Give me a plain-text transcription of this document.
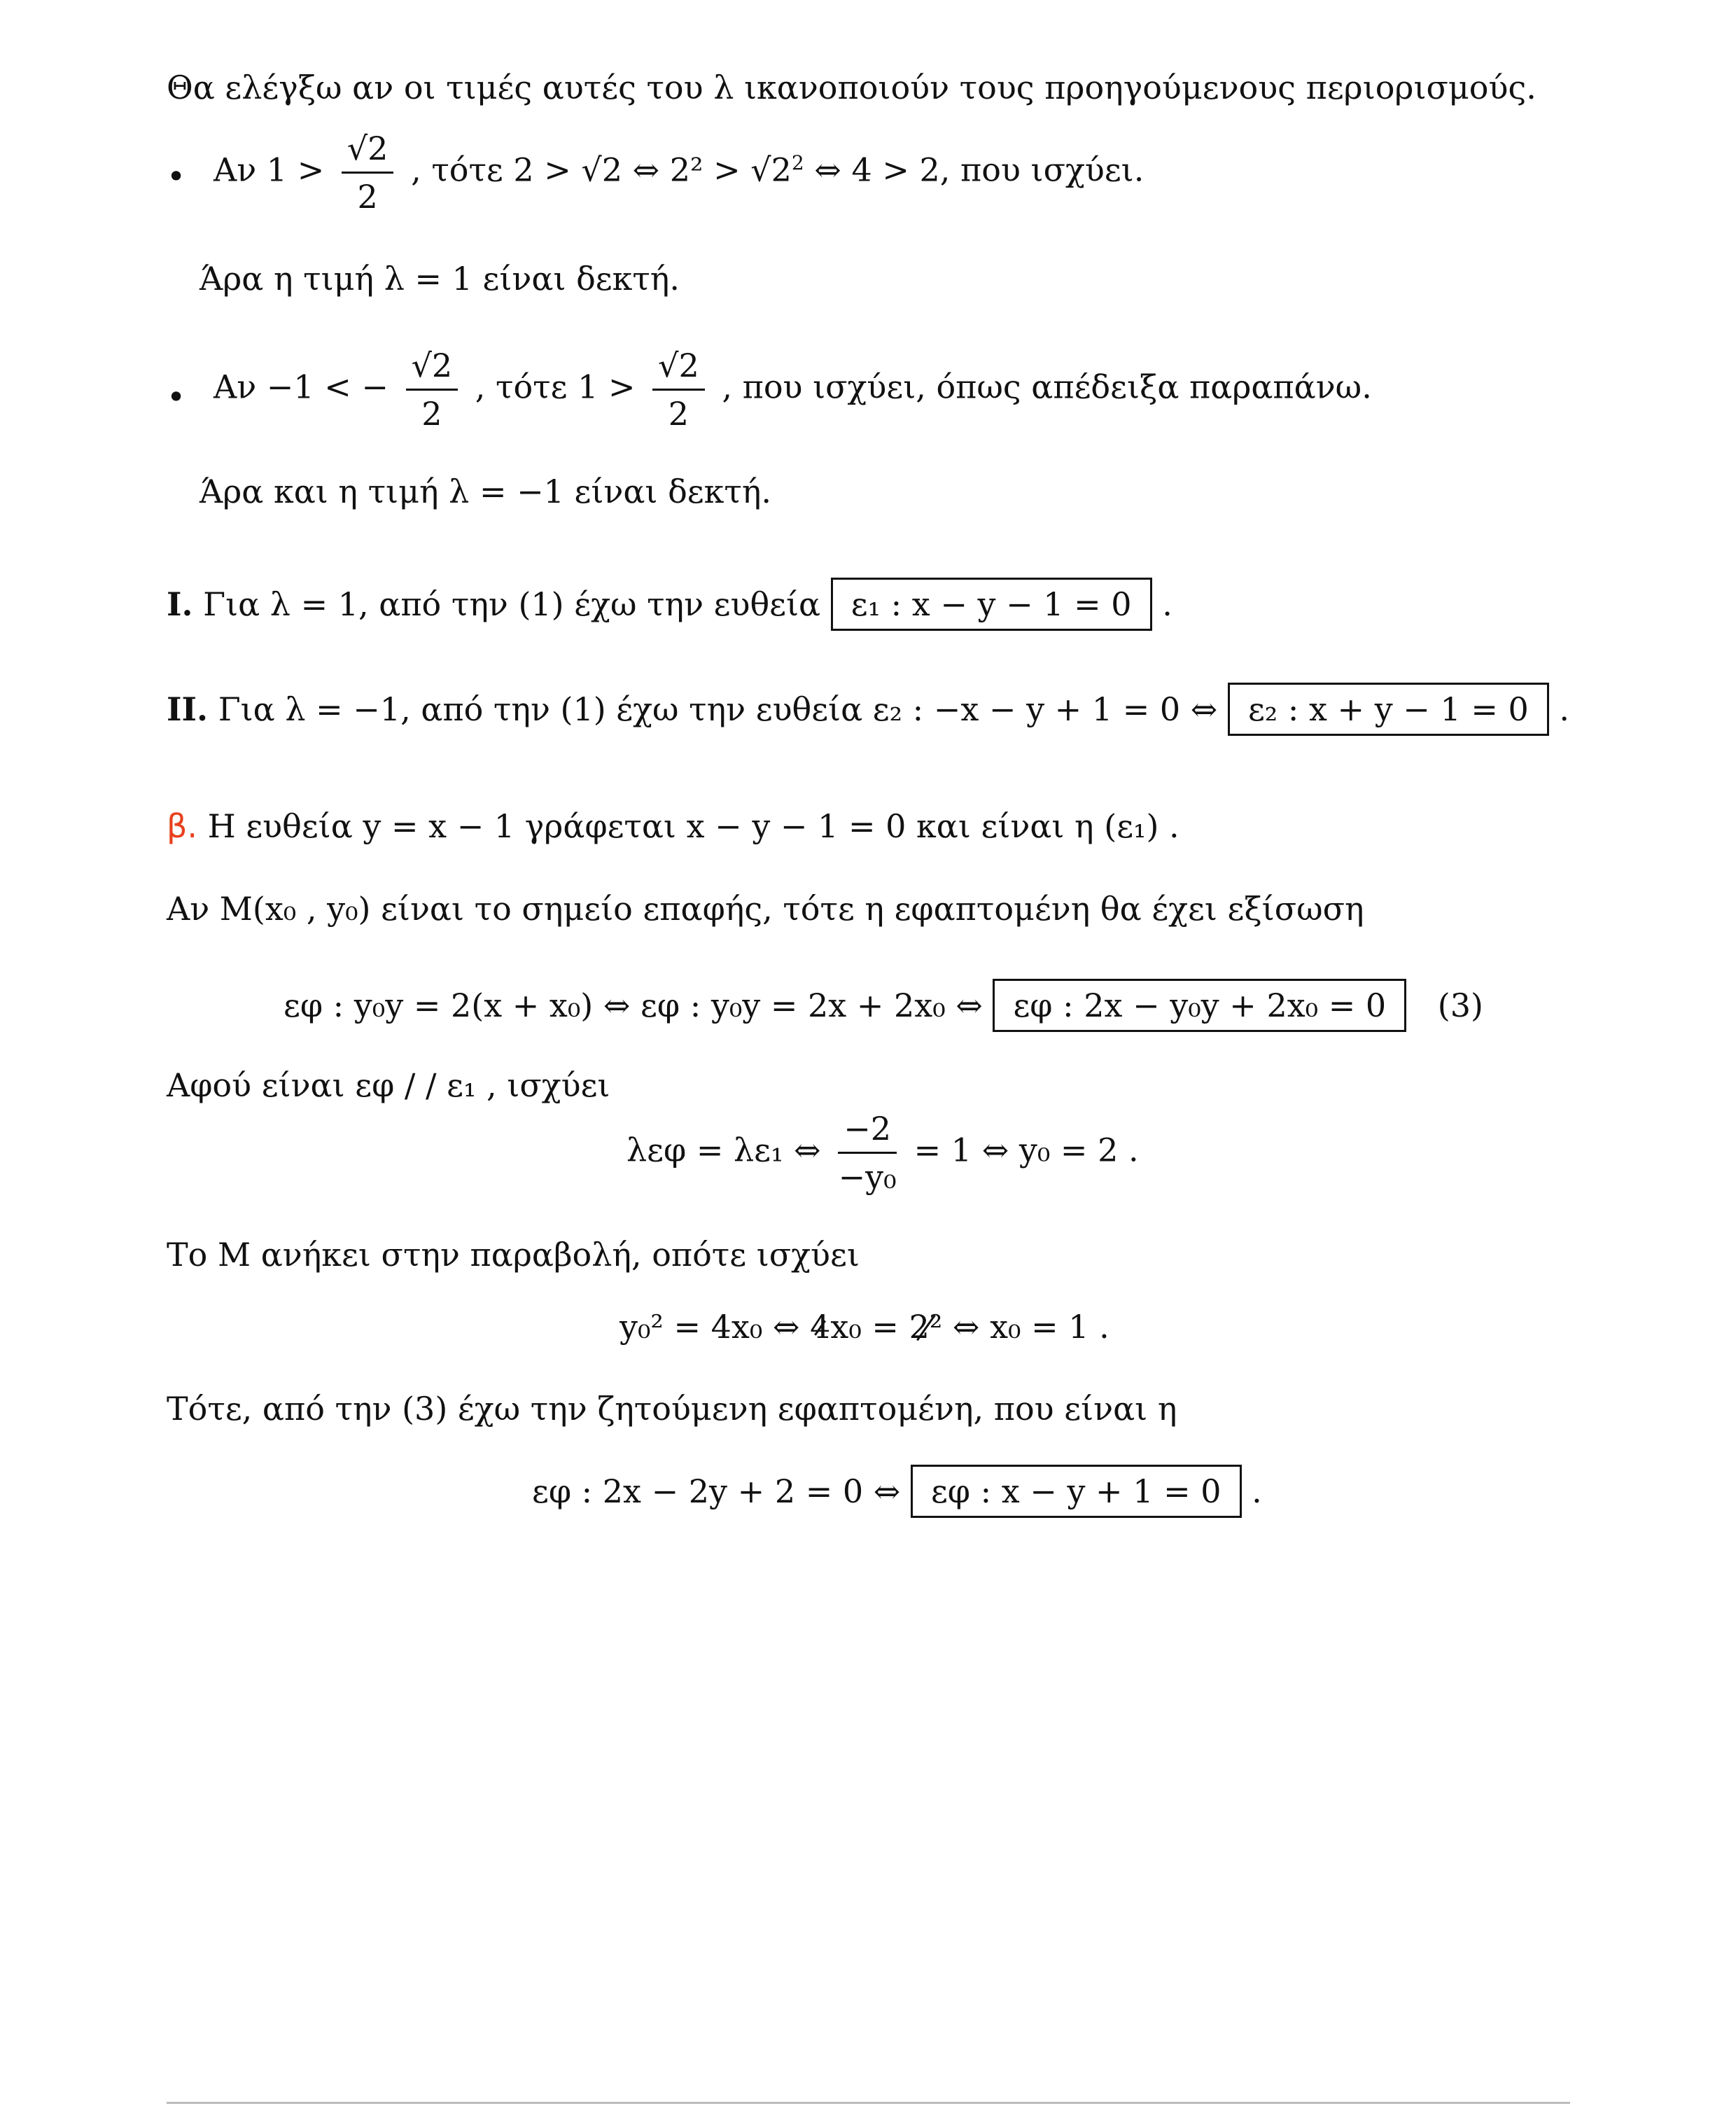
Θα ελέγξω αν οι τιμές αυτές του λ ικανοποιούν τους προηγούμενους περιορισμούς.
• Αν $1 > \frac{√2}{2}$ , τότε 2 > √2 ⇔ $2^2 > √2^2$ ⇔ 4 > 2, που ισχύει.
Άρα η τιμή λ = 1 είναι δεκτή.
• Αν −1 < − $\frac{√2}{2}$ , τότε $1 > \frac{√2}{2}$ , που ισχύει, όπως απέδειξα παραπάνω.
Άρα και η τιμή λ = −1 είναι δεκτή.
I. Για λ = 1, από την (1) έχω την ευθεία ε₁ : x − y − 1 = 0 .
II. Για λ = −1, από την (1) έχω την ευθεία ε₂ : −x − y + 1 = 0 ⇔ ε₂ : x + y − 1 = 0 .
β. Η ευθεία y = x − 1 γράφεται x − y − 1 = 0 και είναι η (ε₁) .
Αν M(x₀ , y₀) είναι το σημείο επαφής, τότε η εφαπτομένη θα έχει εξίσωση
εφ : y₀y = 2(x + x₀) ⇔ εφ : y₀y = 2x + 2x₀ ⇔ εφ : 2x − y₀y + 2x₀ = 0 (3)
Αφού είναι εφ / / ε₁ , ισχύει
λεφ = λε₁ ⇔ $\frac{-2}{\text{−y₀}} = 1$ ⇔ y₀ = 2 .
Το M ανήκει στην παραβολή, οπότε ισχύει
y₀² = 4x₀ ⇔ 4x₀ = 2² ⇔ x₀ = 1 .
Τότε, από την (3) έχω την ζητούμενη εφαπτομένη, που είναι η
εφ : 2x − 2y + 2 = 0 ⇔ εφ : x − y + 1 = 0 .
